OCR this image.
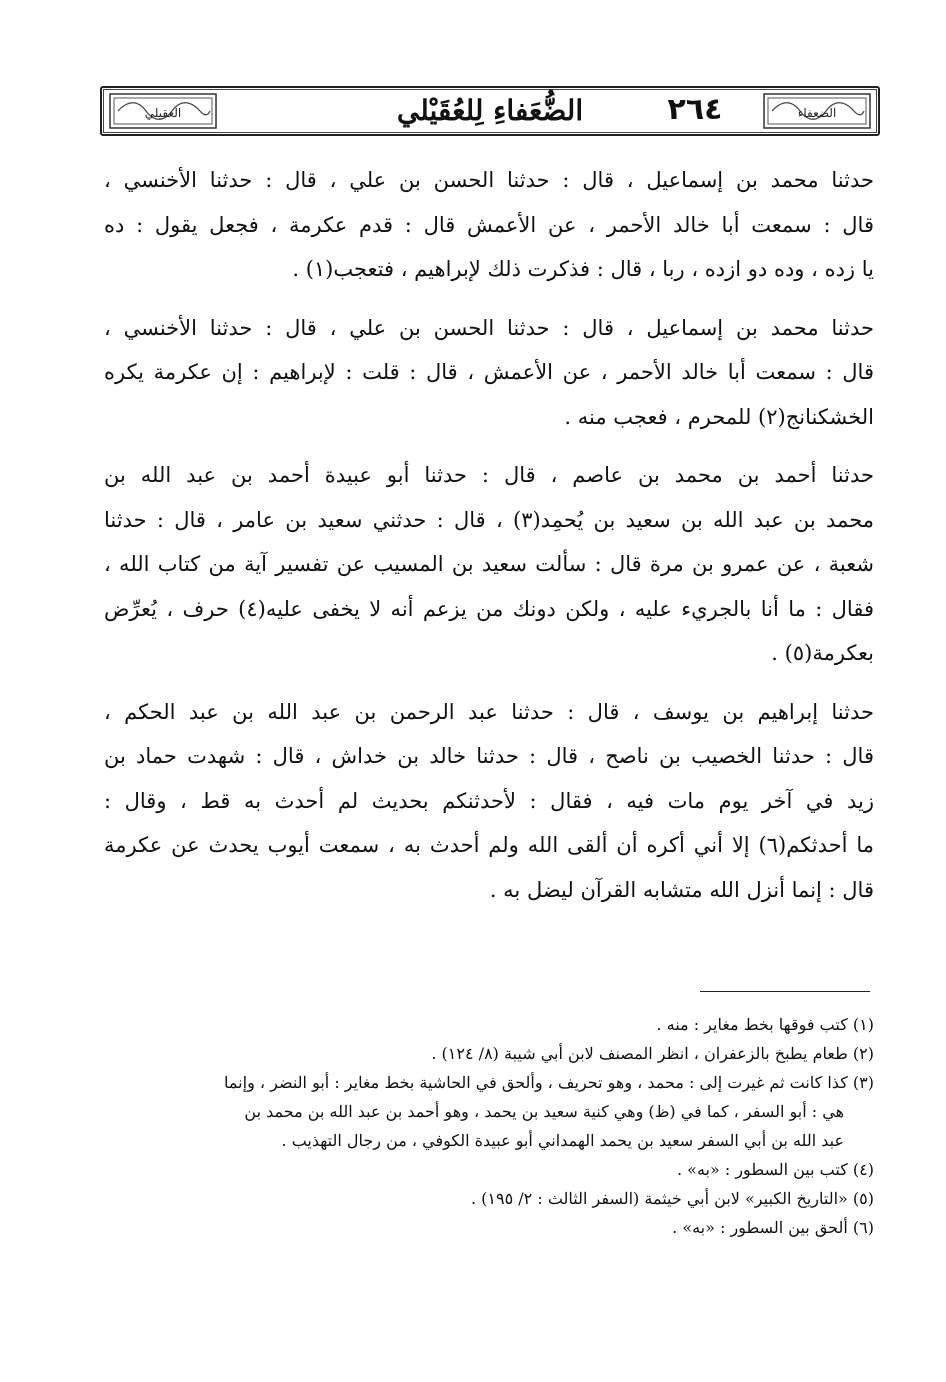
العقيلي	الضعفاء
٢٦٤
الضُّعَفاءِ لِلعُقَيْلي
حدثنا محمد بن إسماعيل ، قال : حدثنا الحسن بن علي ، قال : حدثنا الأخنسي ،
قال : سمعت أبا خالد الأحمر ، عن الأعمش قال : قدم عكرمة ، فجعل يقول : ده
يا زده ، وده دو ازده ، ربا ، قال : فذكرت ذلك لإبراهيم ، فتعجب(١) .
حدثنا محمد بن إسماعيل ، قال : حدثنا الحسن بن علي ، قال : حدثنا الأخنسي ،
قال : سمعت أبا خالد الأحمر ، عن الأعمش ، قال : قلت : لإبراهيم : إن عكرمة يكره
الخشكنانج(٢) للمحرم ، فعجب منه .
حدثنا أحمد بن محمد بن عاصم ، قال : حدثنا أبو عبيدة أحمد بن عبد الله بن
محمد بن عبد الله بن سعيد بن يُحمِد(٣) ، قال : حدثني سعيد بن عامر ، قال : حدثنا
شعبة ، عن عمرو بن مرة قال : سألت سعيد بن المسيب عن تفسير آية من كتاب الله ،
فقال : ما أنا بالجريء عليه ، ولكن دونك من يزعم أنه لا يخفى عليه(٤) حرف ، يُعرِّض
بعكرمة(٥) .
حدثنا إبراهيم بن يوسف ، قال : حدثنا عبد الرحمن بن عبد الله بن عبد الحكم ،
قال : حدثنا الخصيب بن ناصح ، قال : حدثنا خالد بن خداش ، قال : شهدت حماد بن
زيد في آخر يوم مات فيه ، فقال : لأحدثنكم بحديث لم أحدث به قط ، وقال :
ما أحدثكم(٦) إلا أني أكره أن ألقى الله ولم أحدث به ، سمعت أيوب يحدث عن عكرمة
قال : إنما أنزل الله متشابه القرآن ليضل به .
(١) كتب فوقها بخط مغاير : منه .
(٢) طعام يطبخ بالزعفران ، انظر المصنف لابن أبي شيبة (٨/ ١٢٤) .
(٣) كذا كانت ثم غيرت إلى : محمد ، وهو تحريف ، وألحق في الحاشية بخط مغاير : أبو النضر ، وإنما
هي : أبو السفر ، كما في (ظ) وهي كنية سعيد بن يحمد ، وهو أحمد بن عبد الله بن محمد بن
عبد الله بن أبي السفر سعيد بن يحمد الهمداني أبو عبيدة الكوفي ، من رجال التهذيب .
(٤) كتب بين السطور : «به» .
(٥) «التاريخ الكبير» لابن أبي خيثمة (السفر الثالث : ٢/ ١٩٥) .
(٦) ألحق بين السطور : «به» .
